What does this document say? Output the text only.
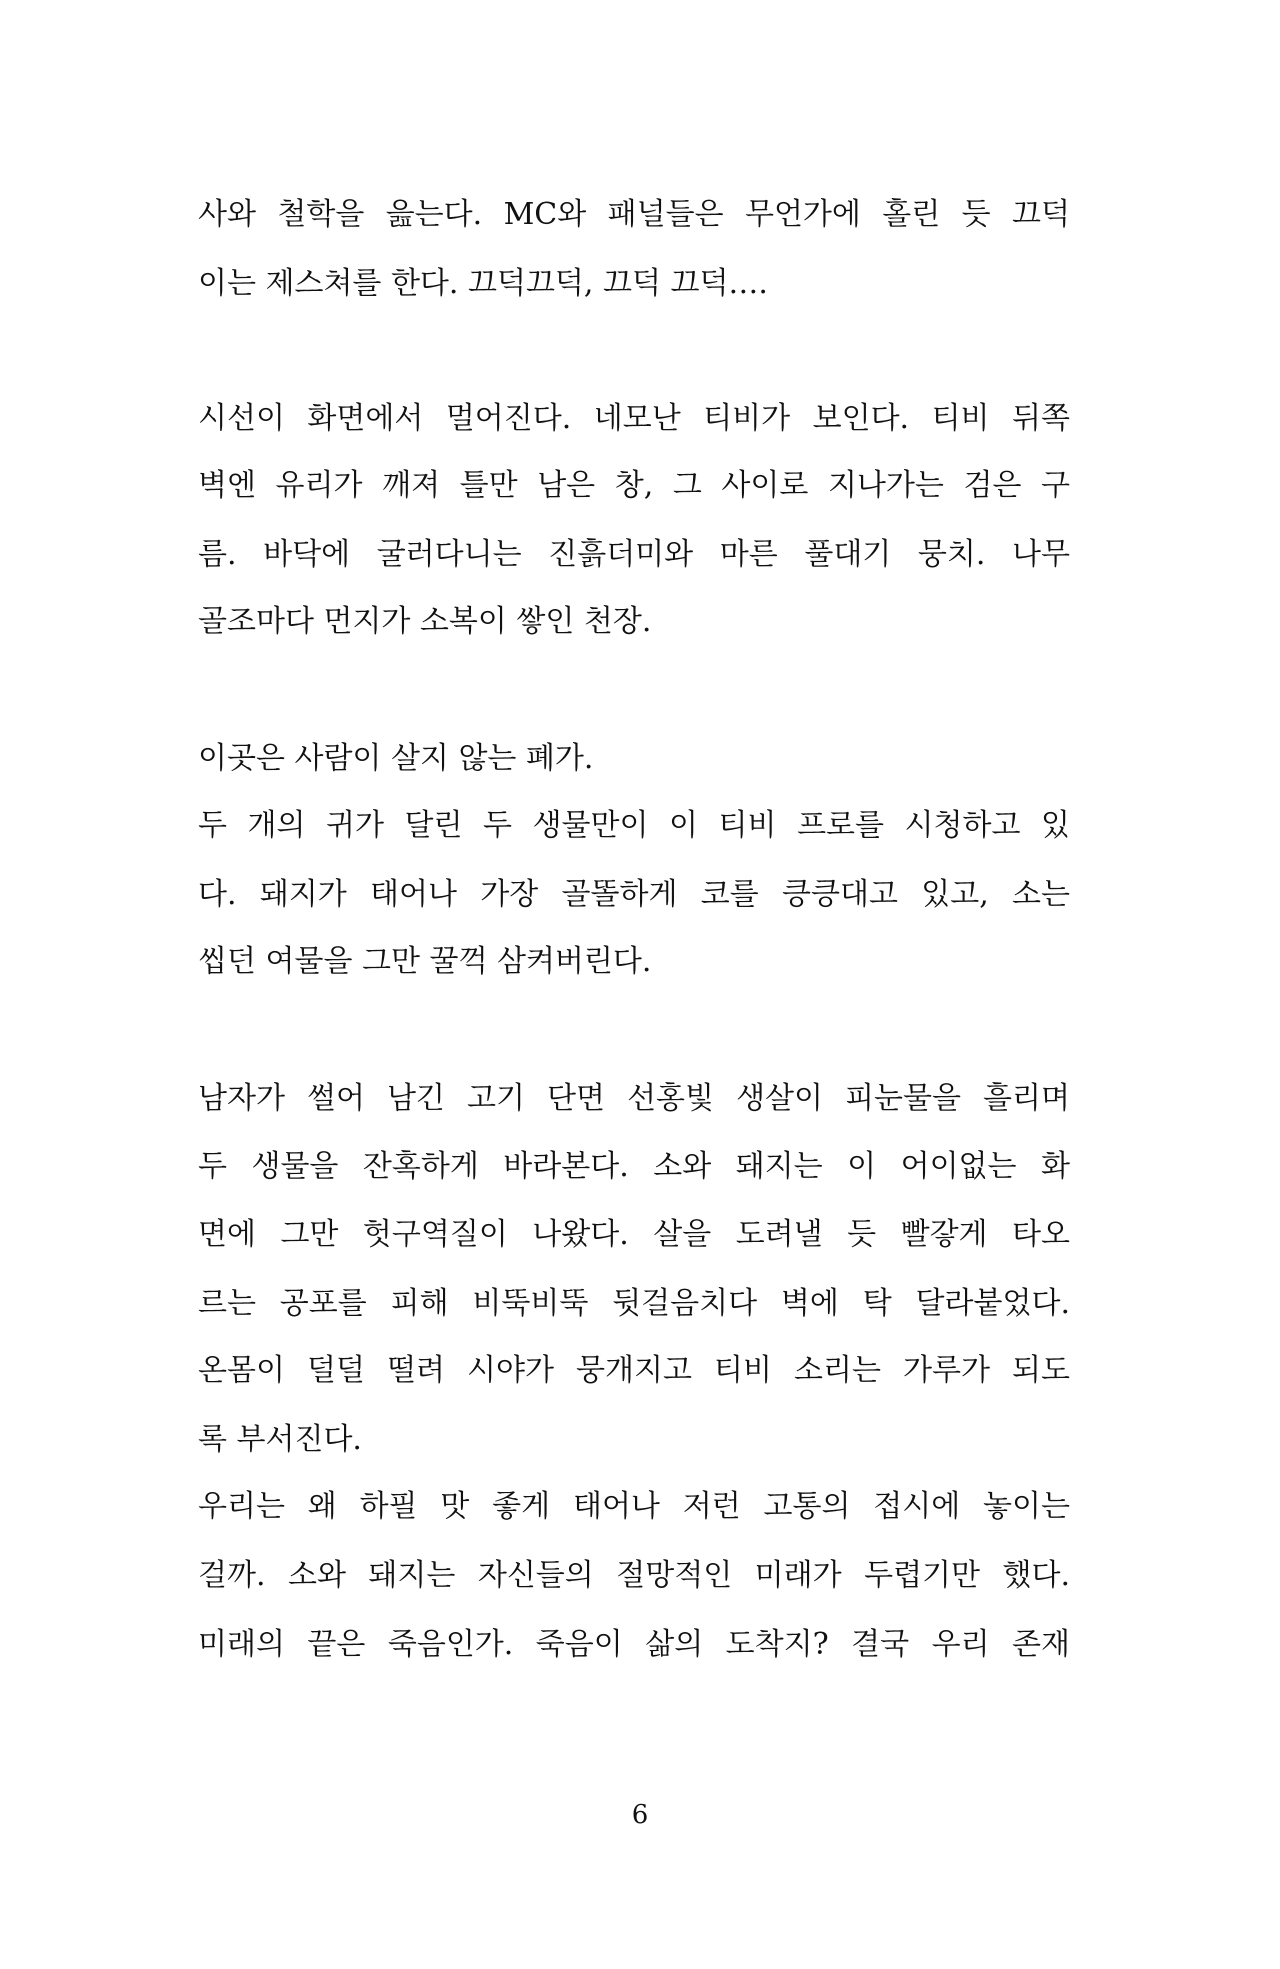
사와 철학을 읊는다. MC와 패널들은 무언가에 홀린 듯 끄덕
이는 제스쳐를 한다. 끄덕끄덕, 끄덕 끄덕….
시선이 화면에서 멀어진다. 네모난 티비가 보인다. 티비 뒤쪽
벽엔 유리가 깨져 틀만 남은 창, 그 사이로 지나가는 검은 구
름. 바닥에 굴러다니는 진흙더미와 마른 풀대기 뭉치. 나무
골조마다 먼지가 소복이 쌓인 천장.
이곳은 사람이 살지 않는 폐가.
두 개의 귀가 달린 두 생물만이 이 티비 프로를 시청하고 있
다. 돼지가 태어나 가장 골똘하게 코를 킁킁대고 있고, 소는
씹던 여물을 그만 꿀꺽 삼켜버린다.
남자가 썰어 남긴 고기 단면 선홍빛 생살이 피눈물을 흘리며
두 생물을 잔혹하게 바라본다. 소와 돼지는 이 어이없는 화
면에 그만 헛구역질이 나왔다. 살을 도려낼 듯 빨갛게 타오
르는 공포를 피해 비뚝비뚝 뒷걸음치다 벽에 탁 달라붙었다.
온몸이 덜덜 떨려 시야가 뭉개지고 티비 소리는 가루가 되도
록 부서진다.
우리는 왜 하필 맛 좋게 태어나 저런 고통의 접시에 놓이는
걸까. 소와 돼지는 자신들의 절망적인 미래가 두렵기만 했다.
미래의 끝은 죽음인가. 죽음이 삶의 도착지? 결국 우리 존재
6
